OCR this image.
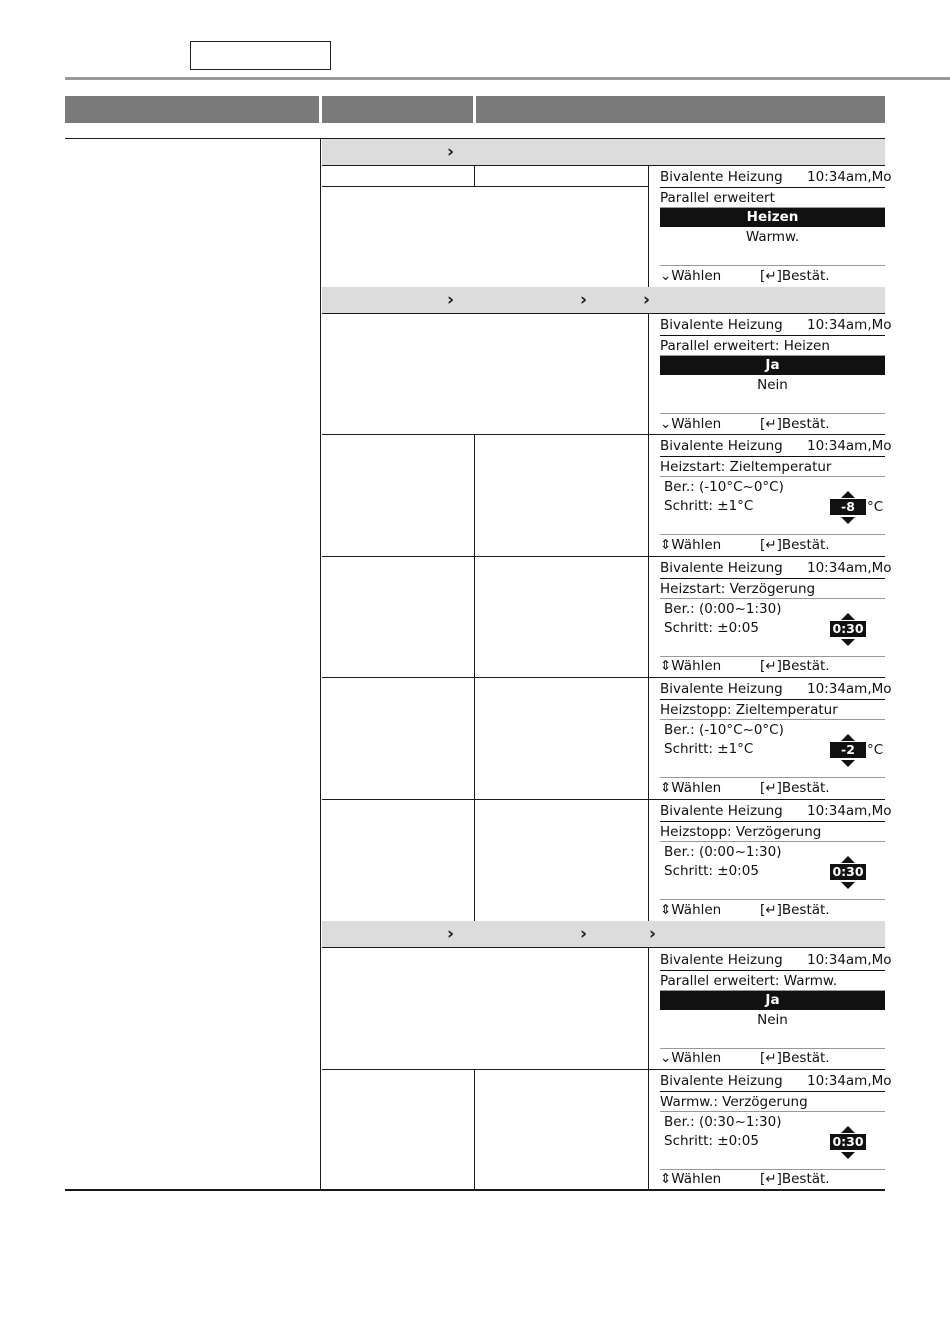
›
›	›	›
›	›	›
Bivalente Heizung 10:34am,Mo
Parallel erweitert
Heizen
Warmw.
⌄Wählen	[↵]Bestät.
Bivalente Heizung 10:34am,Mo
Parallel erweitert: Heizen
Ja
Nein
⌄Wählen	[↵]Bestät.
Bivalente Heizung 10:34am,Mo
Heizstart: Zieltemperatur
Ber.: (-10°C~0°C)
Schritt: ±1°C	-8 °C
⇕Wählen	[↵]Bestät.
Bivalente Heizung 10:34am,Mo
Heizstart: Verzögerung
Ber.: (0:00~1:30)
Schritt: ±0:05	0:30
⇕Wählen	[↵]Bestät.
Bivalente Heizung 10:34am,Mo
Heizstopp: Zieltemperatur
Ber.: (-10°C~0°C)
Schritt: ±1°C	-2 °C
⇕Wählen	[↵]Bestät.
Bivalente Heizung 10:34am,Mo
Heizstopp: Verzögerung
Ber.: (0:00~1:30)
Schritt: ±0:05	0:30
⇕Wählen	[↵]Bestät.
Bivalente Heizung 10:34am,Mo
Parallel erweitert: Warmw.
Ja
Nein
⌄Wählen	[↵]Bestät.
Bivalente Heizung 10:34am,Mo
Warmw.: Verzögerung
Ber.: (0:30~1:30)
Schritt: ±0:05	0:30
⇕Wählen	[↵]Bestät.
